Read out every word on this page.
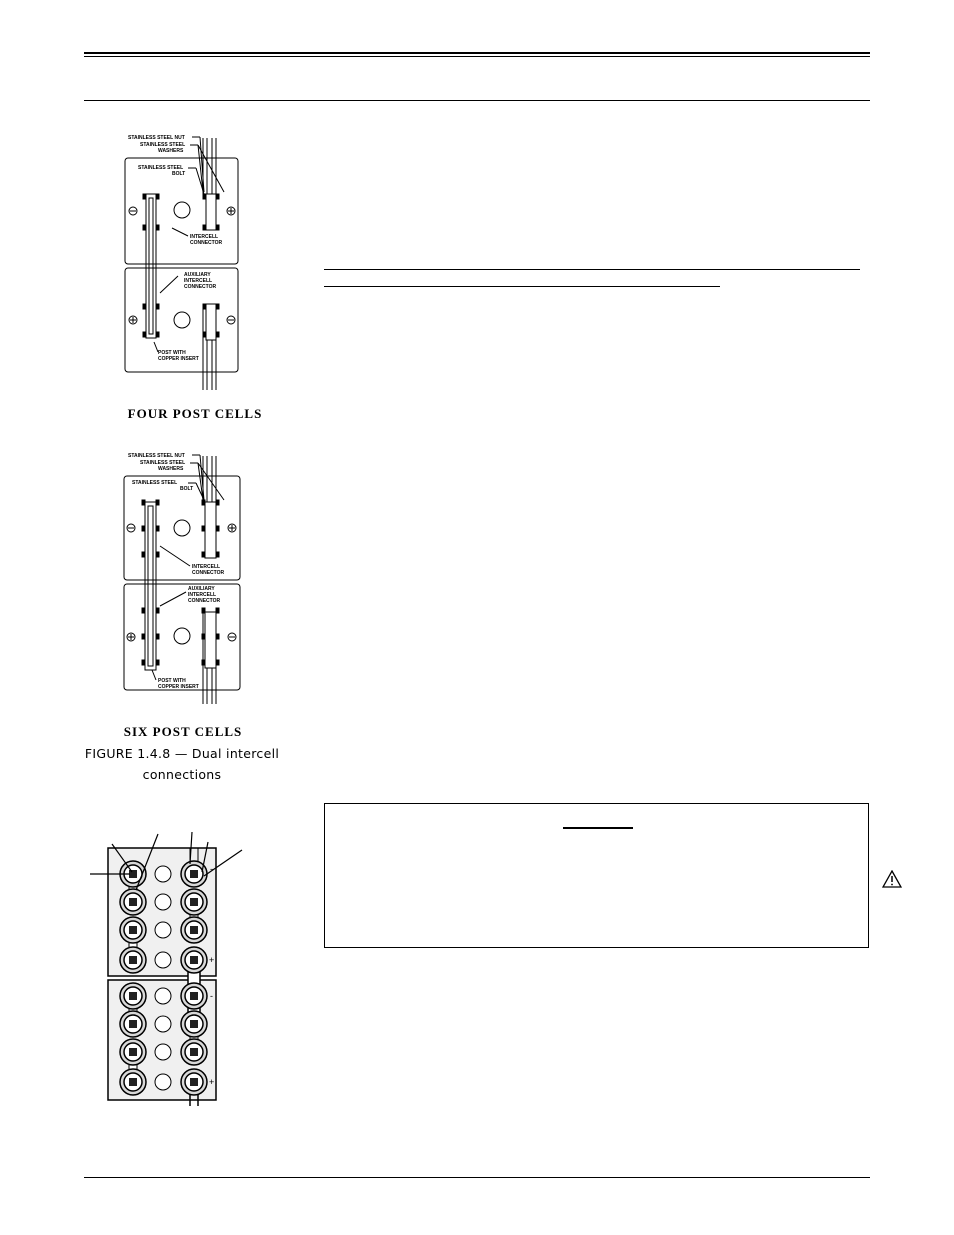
STAINLESS STEEL NUT
STAINLESS STEEL
WASHERS
STAINLESS STEEL
BOLT
INTERCELL
CONNECTOR
AUXILIARY
INTERCELL
CONNECTOR
POST WITH
COPPER INSERT
FOUR POST CELLS
STAINLESS STEEL NUT
STAINLESS STEEL
WASHERS
STAINLESS STEEL
BOLT
INTERCELL
CONNECTOR
AUXILIARY
INTERCELL
CONNECTOR
POST WITH
COPPER INSERT
SIX POST CELLS
FIGURE 1.4.8 — Dual intercell
connections
-
+
-
+
